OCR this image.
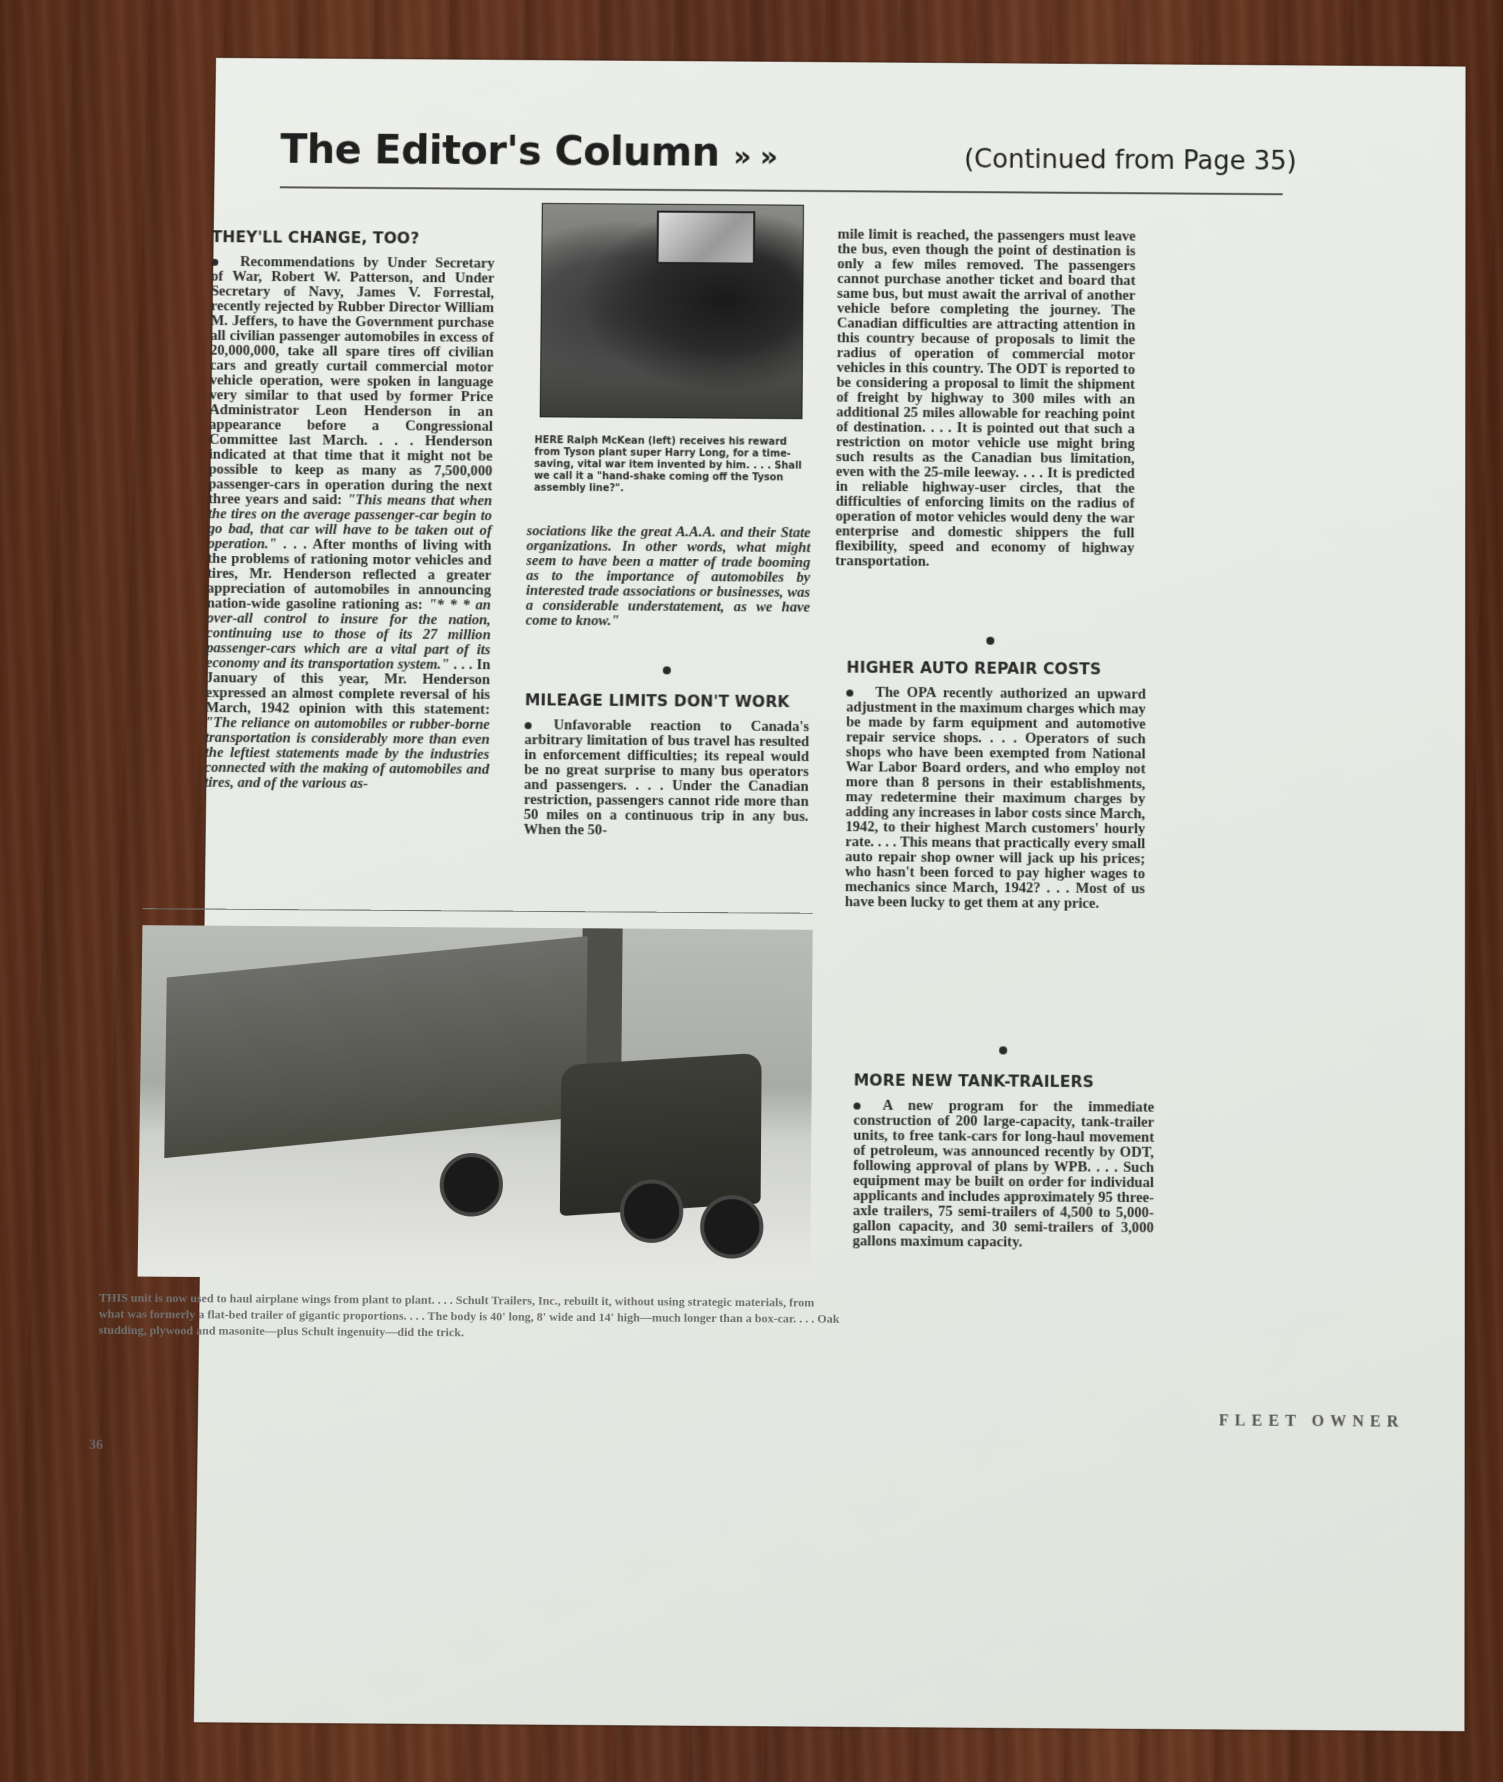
The Editor's Column » »	(Continued from Page 35)
THEY'LL CHANGE, TOO?

Recommendations by Under Secretary of War, Robert W. Patterson, and Under Secretary of Navy, James V. Forrestal, recently rejected by Rubber Director William M. Jeffers, to have the Government purchase all civilian passenger automobiles in excess of 20,000,000, take all spare tires off civilian cars and greatly curtail commercial motor vehicle operation, were spoken in language very similar to that used by former Price Administrator Leon Henderson in an appearance before a Congressional Committee last March. . . . Henderson indicated at that time that it might not be possible to keep as many as 7,500,000 passenger-cars in operation during the next three years and said: "This means that when the tires on the average passenger-car begin to go bad, that car will have to be taken out of operation." . . . After months of living with the problems of rationing motor vehicles and tires, Mr. Henderson reflected a greater appreciation of automobiles in announcing nation-wide gasoline rationing as: "* * * an over-all control to insure for the nation, continuing use to those of its 27 million passenger-cars which are a vital part of its economy and its transportation system." . . . In January of this year, Mr. Henderson expressed an almost complete reversal of his March, 1942 opinion with this statement: "The reliance on automobiles or rubber-borne transportation is considerably more than even the leftiest statements made by the industries connected with the making of automobiles and tires, and of the various as-

HERE Ralph McKean (left) receives his reward from Tyson plant super Harry Long, for a time-saving, vital war item invented by him. . . . Shall we call it a "hand-shake coming off the Tyson assembly line?".

sociations like the great A.A.A. and their State organizations. In other words, what might seem to have been a matter of trade booming as to the importance of automobiles by interested trade associations or businesses, was a considerable understatement, as we have come to know."

MILEAGE LIMITS DON'T WORK

Unfavorable reaction to Canada's arbitrary limitation of bus travel has resulted in enforcement difficulties; its repeal would be no great surprise to many bus operators and passengers. . . . Under the Canadian restriction, passengers cannot ride more than 50 miles on a continuous trip in any bus. When the 50-

mile limit is reached, the passengers must leave the bus, even though the point of destination is only a few miles removed. The passengers cannot purchase another ticket and board that same bus, but must await the arrival of another vehicle before completing the journey. The Canadian difficulties are attracting attention in this country because of proposals to limit the radius of operation of commercial motor vehicles in this country. The ODT is reported to be considering a proposal to limit the shipment of freight by highway to 300 miles with an additional 25 miles allowable for reaching point of destination. . . . It is pointed out that such a restriction on motor vehicle use might bring such results as the Canadian bus limitation, even with the 25-mile leeway. . . . It is predicted in reliable highway-user circles, that the difficulties of enforcing limits on the radius of operation of motor vehicles would deny the war enterprise and domestic shippers the full flexibility, speed and economy of highway transportation.

HIGHER AUTO REPAIR COSTS

The OPA recently authorized an upward adjustment in the maximum charges which may be made by farm equipment and automotive repair service shops. . . . Operators of such shops who have been exempted from National War Labor Board orders, and who employ not more than 8 persons in their establishments, may redetermine their maximum charges by adding any increases in labor costs since March, 1942, to their highest March customers' hourly rate. . . . This means that practically every small auto repair shop owner will jack up his prices; who hasn't been forced to pay higher wages to mechanics since March, 1942? . . . Most of us have been lucky to get them at any price.

MORE NEW TANK-TRAILERS

A new program for the immediate construction of 200 large-capacity, tank-trailer units, to free tank-cars for long-haul movement of petroleum, was announced recently by ODT, following approval of plans by WPB. . . . Such equipment may be built on order for individual applicants and includes approximately 95 three-axle trailers, 75 semi-trailers of 4,500 to 5,000-gallon capacity, and 30 semi-trailers of 3,000 gallons maximum capacity.

THIS unit is now used to haul airplane wings from plant to plant. . . . Schult Trailers, Inc., rebuilt it, without using strategic materials, from what was formerly a flat-bed trailer of gigantic proportions. . . . The body is 40' long, 8' wide and 14' high—much longer than a box-car. . . . Oak studding, plywood and masonite—plus Schult ingenuity—did the trick.
FLEET OWNER
36
